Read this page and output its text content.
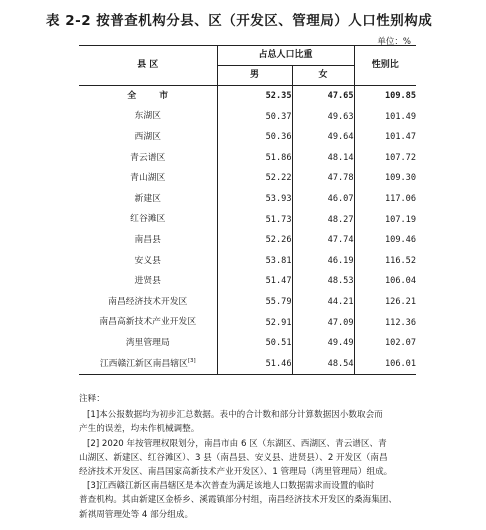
表 2-2 按普查机构分县、区（开发区、管理局）人口性别构成
单位：%
县 区	占总人口比重		性别比
	男	女	
全 市	52.35	47.65	109.85
东湖区	50.37	49.63	101.49
西湖区	50.36	49.64	101.47
青云谱区	51.86	48.14	107.72
青山湖区	52.22	47.78	109.30
新建区	53.93	46.07	117.06
红谷滩区	51.73	48.27	107.19
南昌县	52.26	47.74	109.46
安义县	53.81	46.19	116.52
进贤县	51.47	48.53	106.04
南昌经济技术开发区	55.79	44.21	126.21
南昌高新技术产业开发区	52.91	47.09	112.36
湾里管理局	50.51	49.49	102.07
江西赣江新区南昌辖区[3]	51.46	48.54	106.01
注释：

[1]本公报数据均为初步汇总数据。表中的合计数和部分计算数据因小数取会而

产生的误差，均未作机械调整。

[2] 2020 年按管理权限划分，南昌市由 6 区（东湖区、西湖区、青云谱区、青

山湖区、新建区、红谷滩区）、3 县（南昌县、安义县、进贤县）、2 开发区（南昌

经济技术开发区、南昌国家高新技术产业开发区）、1 管理局（湾里管理局）组成。

[3]江西赣江新区南昌辖区是本次普查为满足该地人口数据需求而设置的临时

普查机构。其由新建区金桥乡、溪霞镇部分村组，南昌经济技术开发区的桑海集团、

新祺周管理处等 4 部分组成。
